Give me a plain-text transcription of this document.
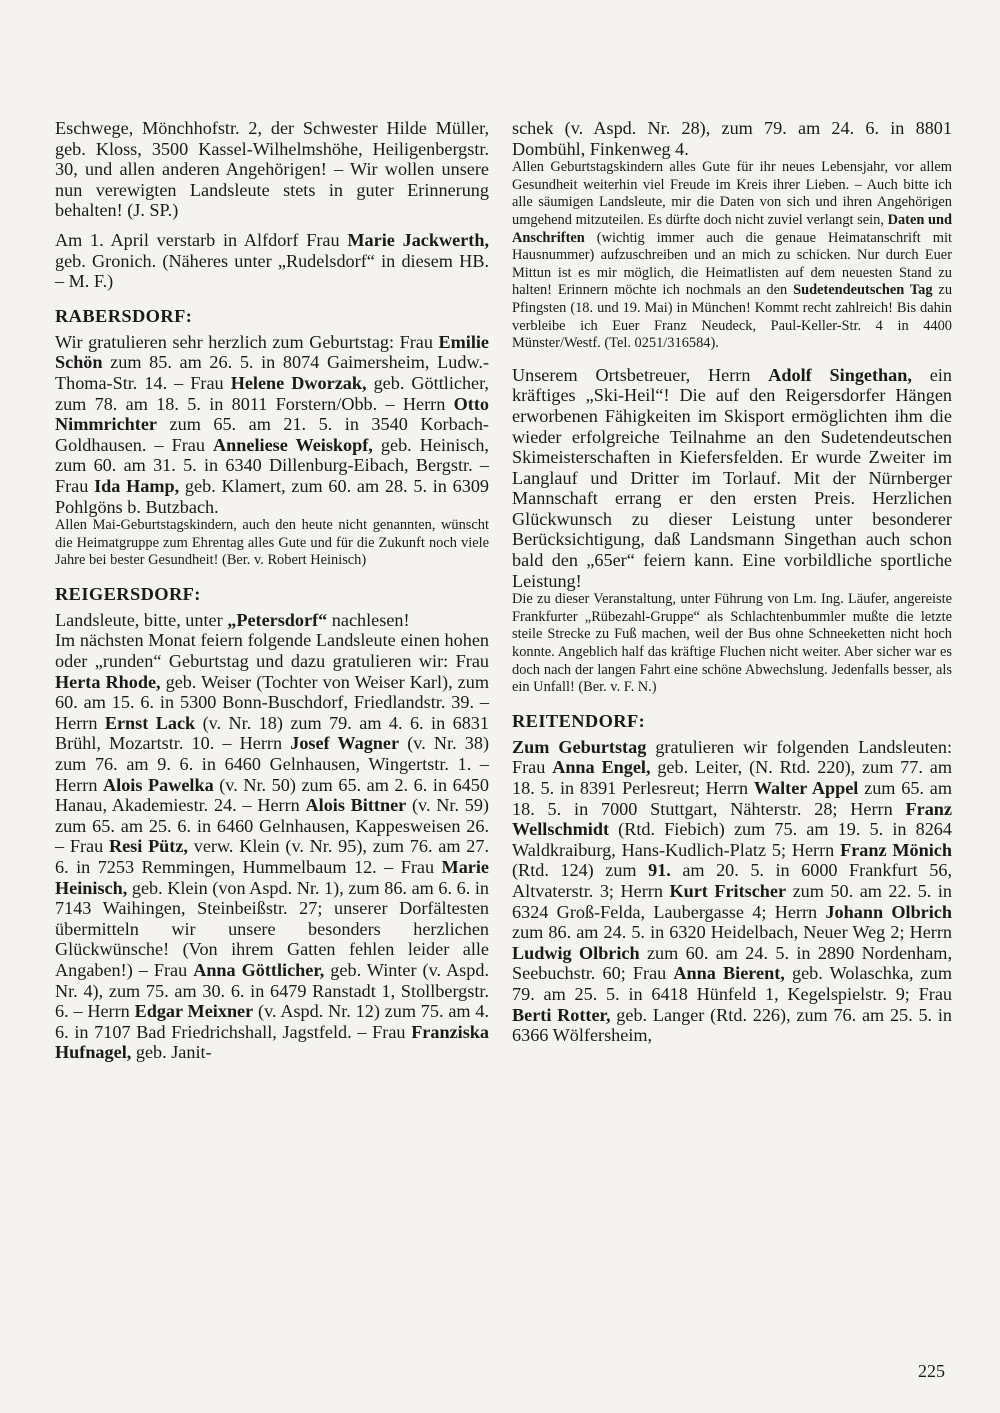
Eschwege, Mönchhofstr. 2, der Schwester Hilde Müller, geb. Kloss, 3500 Kassel-Wilhelmshöhe, Heiligenbergstr. 30, und allen anderen Angehörigen! – Wir wollen unsere nun verewigten Landsleute stets in guter Erinnerung behalten! (J. SP.)

Am 1. April verstarb in Alfdorf Frau Marie Jackwerth, geb. Gronich. (Näheres unter „Rudelsdorf“ in diesem HB. – M. F.)

RABERSDORF:

Wir gratulieren sehr herzlich zum Geburtstag: Frau Emilie Schön zum 85. am 26. 5. in 8074 Gaimersheim, Ludw.-Thoma-Str. 14. – Frau Helene Dworzak, geb. Göttlicher, zum 78. am 18. 5. in 8011 Forstern/Obb. – Herrn Otto Nimmrichter zum 65. am 21. 5. in 3540 Korbach-Goldhausen. – Frau Anneliese Weiskopf, geb. Heinisch, zum 60. am 31. 5. in 6340 Dillenburg-Eibach, Bergstr. – Frau Ida Hamp, geb. Klamert, zum 60. am 28. 5. in 6309 Pohlgöns b. Butzbach.

Allen Mai-Geburtstagskindern, auch den heute nicht genannten, wünscht die Heimatgruppe zum Ehrentag alles Gute und für die Zukunft noch viele Jahre bei bester Gesundheit! (Ber. v. Robert Heinisch)

REIGERSDORF:

Landsleute, bitte, unter „Petersdorf“ nachlesen!

Im nächsten Monat feiern folgende Landsleute einen hohen oder „runden“ Geburtstag und dazu gratulieren wir: Frau Herta Rhode, geb. Weiser (Tochter von Weiser Karl), zum 60. am 15. 6. in 5300 Bonn-Buschdorf, Friedlandstr. 39. – Herrn Ernst Lack (v. Nr. 18) zum 79. am 4. 6. in 6831 Brühl, Mozartstr. 10. – Herrn Josef Wagner (v. Nr. 38) zum 76. am 9. 6. in 6460 Gelnhausen, Wingertstr. 1. – Herrn Alois Pawelka (v. Nr. 50) zum 65. am 2. 6. in 6450 Hanau, Akademiestr. 24. – Herrn Alois Bittner (v. Nr. 59) zum 65. am 25. 6. in 6460 Gelnhausen, Kappesweisen 26. – Frau Resi Pütz, verw. Klein (v. Nr. 95), zum 76. am 27. 6. in 7253 Remmingen, Hummelbaum 12. – Frau Marie Heinisch, geb. Klein (von Aspd. Nr. 1), zum 86. am 6. 6. in 7143 Waihingen, Steinbeißstr. 27; unserer Dorfältesten übermitteln wir unsere besonders herzlichen Glückwünsche! (Von ihrem Gatten fehlen leider alle Angaben!) – Frau Anna Göttlicher, geb. Winter (v. Aspd. Nr. 4), zum 75. am 30. 6. in 6479 Ranstadt 1, Stollbergstr. 6. – Herrn Edgar Meixner (v. Aspd. Nr. 12) zum 75. am 4. 6. in 7107 Bad Friedrichshall, Jagstfeld. – Frau Franziska Hufnagel, geb. Janit-

schek (v. Aspd. Nr. 28), zum 79. am 24. 6. in 8801 Dombühl, Finkenweg 4.

Allen Geburtstagskindern alles Gute für ihr neues Lebensjahr, vor allem Gesundheit weiterhin viel Freude im Kreis ihrer Lieben. – Auch bitte ich alle säumigen Landsleute, mir die Daten von sich und ihren Angehörigen umgehend mitzuteilen. Es dürfte doch nicht zuviel verlangt sein, Daten und Anschriften (wichtig immer auch die genaue Heimatanschrift mit Hausnummer) aufzuschreiben und an mich zu schicken. Nur durch Euer Mittun ist es mir möglich, die Heimatlisten auf dem neuesten Stand zu halten! Erinnern möchte ich nochmals an den Sudetendeutschen Tag zu Pfingsten (18. und 19. Mai) in München! Kommt recht zahlreich! Bis dahin verbleibe ich Euer Franz Neudeck, Paul-Keller-Str. 4 in 4400 Münster/Westf. (Tel. 0251/316584).

Unserem Ortsbetreuer, Herrn Adolf Singethan, ein kräftiges „Ski-Heil“! Die auf den Reigersdorfer Hängen erworbenen Fähigkeiten im Skisport ermöglichten ihm die wieder erfolgreiche Teilnahme an den Sudetendeutschen Skimeisterschaften in Kiefersfelden. Er wurde Zweiter im Langlauf und Dritter im Torlauf. Mit der Nürnberger Mannschaft errang er den ersten Preis. Herzlichen Glückwunsch zu dieser Leistung unter besonderer Berücksichtigung, daß Landsmann Singethan auch schon bald den „65er“ feiern kann. Eine vorbildliche sportliche Leistung!

Die zu dieser Veranstaltung, unter Führung von Lm. Ing. Läufer, angereiste Frankfurter „Rübezahl-Gruppe“ als Schlachtenbummler mußte die letzte steile Strecke zu Fuß machen, weil der Bus ohne Schneeketten nicht hoch konnte. Angeblich half das kräftige Fluchen nicht weiter. Aber sicher war es doch nach der langen Fahrt eine schöne Abwechslung. Jedenfalls besser, als ein Unfall! (Ber. v. F. N.)

REITENDORF:

Zum Geburtstag gratulieren wir folgenden Landsleuten: Frau Anna Engel, geb. Leiter, (N. Rtd. 220), zum 77. am 18. 5. in 8391 Perlesreut; Herrn Walter Appel zum 65. am 18. 5. in 7000 Stuttgart, Nähterstr. 28; Herrn Franz Wellschmidt (Rtd. Fiebich) zum 75. am 19. 5. in 8264 Waldkraiburg, Hans-Kudlich-Platz 5; Herrn Franz Mönich (Rtd. 124) zum 91. am 20. 5. in 6000 Frankfurt 56, Altvaterstr. 3; Herrn Kurt Fritscher zum 50. am 22. 5. in 6324 Groß-Felda, Laubergasse 4; Herrn Johann Olbrich zum 86. am 24. 5. in 6320 Heidelbach, Neuer Weg 2; Herrn Ludwig Olbrich zum 60. am 24. 5. in 2890 Nordenham, Seebuchstr. 60; Frau Anna Bierent, geb. Wolaschka, zum 79. am 25. 5. in 6418 Hünfeld 1, Kegelspielstr. 9; Frau Berti Rotter, geb. Langer (Rtd. 226), zum 76. am 25. 5. in 6366 Wölfersheim,

225
